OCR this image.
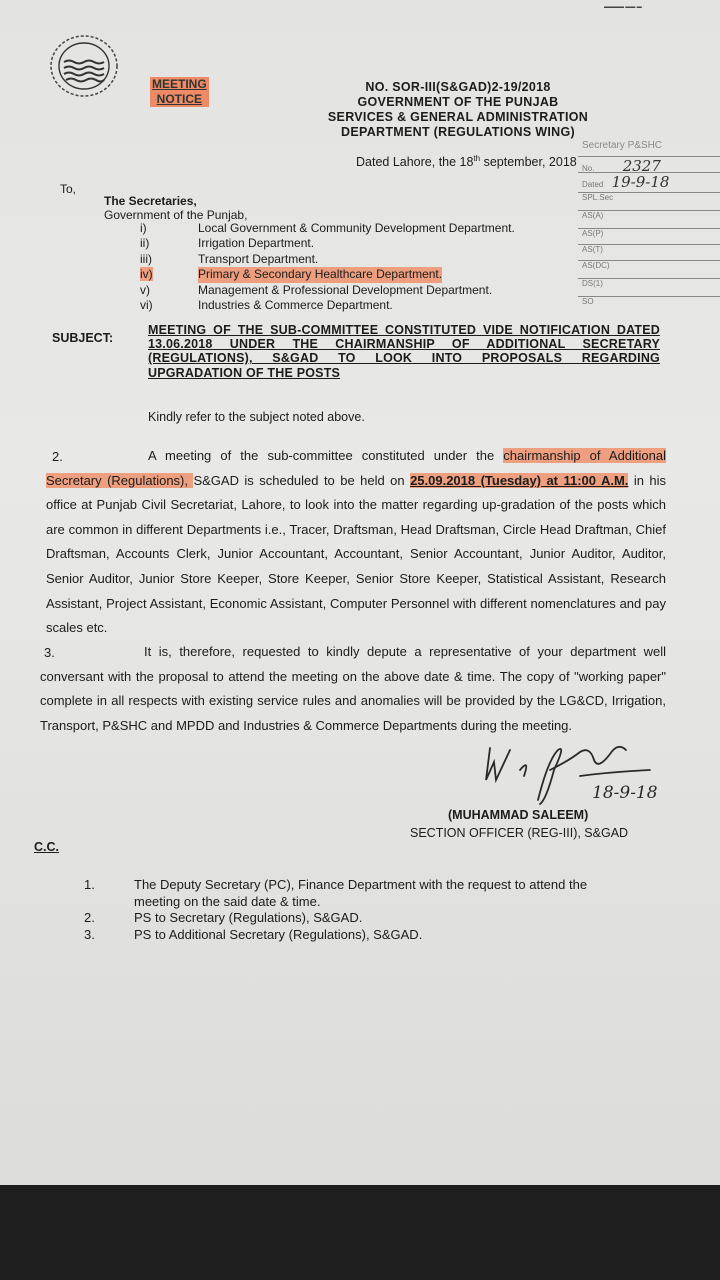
▬▬▬▬ ▬▬ ▬
MEETING
NOTICE
NO. SOR-III(S&GAD)2-19/2018
GOVERNMENT OF THE PUNJAB
SERVICES & GENERAL ADMINISTRATION
DEPARTMENT (REGULATIONS WING)
Dated Lahore, the 18th september, 2018
Secretary P&SHC
No. 2327
Dated 19-9-18
SPL.Sec
AS(A)
AS(P)
AS(T)
AS(DC)
DS(1)
SO
To,
The Secretaries,
Government of the Punjab,
i)	Local Government & Community Development Department.
ii)	Irrigation Department.
iii)	Transport Department.
iv)	Primary & Secondary Healthcare Department.
v)	Management & Professional Development Department.
vi)	Industries & Commerce Department.
SUBJECT:
MEETING OF THE SUB-COMMITTEE CONSTITUTED VIDE NOTIFICATION DATED 13.06.2018 UNDER THE CHAIRMANSHIP OF ADDITIONAL SECRETARY (REGULATIONS), S&GAD TO LOOK INTO PROPOSALS REGARDING UPGRADATION OF THE POSTS
Kindly refer to the subject noted above.
2.	A meeting of the sub-committee constituted under the chairmanship of Additional Secretary (Regulations), S&GAD is scheduled to be held on 25.09.2018 (Tuesday) at 11:00 A.M. in his office at Punjab Civil Secretariat, Lahore, to look into the matter regarding up-gradation of the posts which are common in different Departments i.e., Tracer, Draftsman, Head Draftsman, Circle Head Draftman, Chief Draftsman, Accounts Clerk, Junior Accountant, Accountant, Senior Accountant, Junior Auditor, Auditor, Senior Auditor, Junior Store Keeper, Store Keeper, Senior Store Keeper, Statistical Assistant, Research Assistant, Project Assistant, Economic Assistant, Computer Personnel with different nomenclatures and pay scales etc.
3.	It is, therefore, requested to kindly depute a representative of your department well conversant with the proposal to attend the meeting on the above date & time. The copy of "working paper" complete in all respects with existing service rules and anomalies will be provided by the LG&CD, Irrigation, Transport, P&SHC and MPDD and Industries & Commerce Departments during the meeting.
18-9-18
(MUHAMMAD SALEEM)
SECTION OFFICER (REG-III), S&GAD
C.C.
1.	The Deputy Secretary (PC), Finance Department with the request to attend the meeting on the said date & time.
2.	PS to Secretary (Regulations), S&GAD.
3.	PS to Additional Secretary (Regulations), S&GAD.
